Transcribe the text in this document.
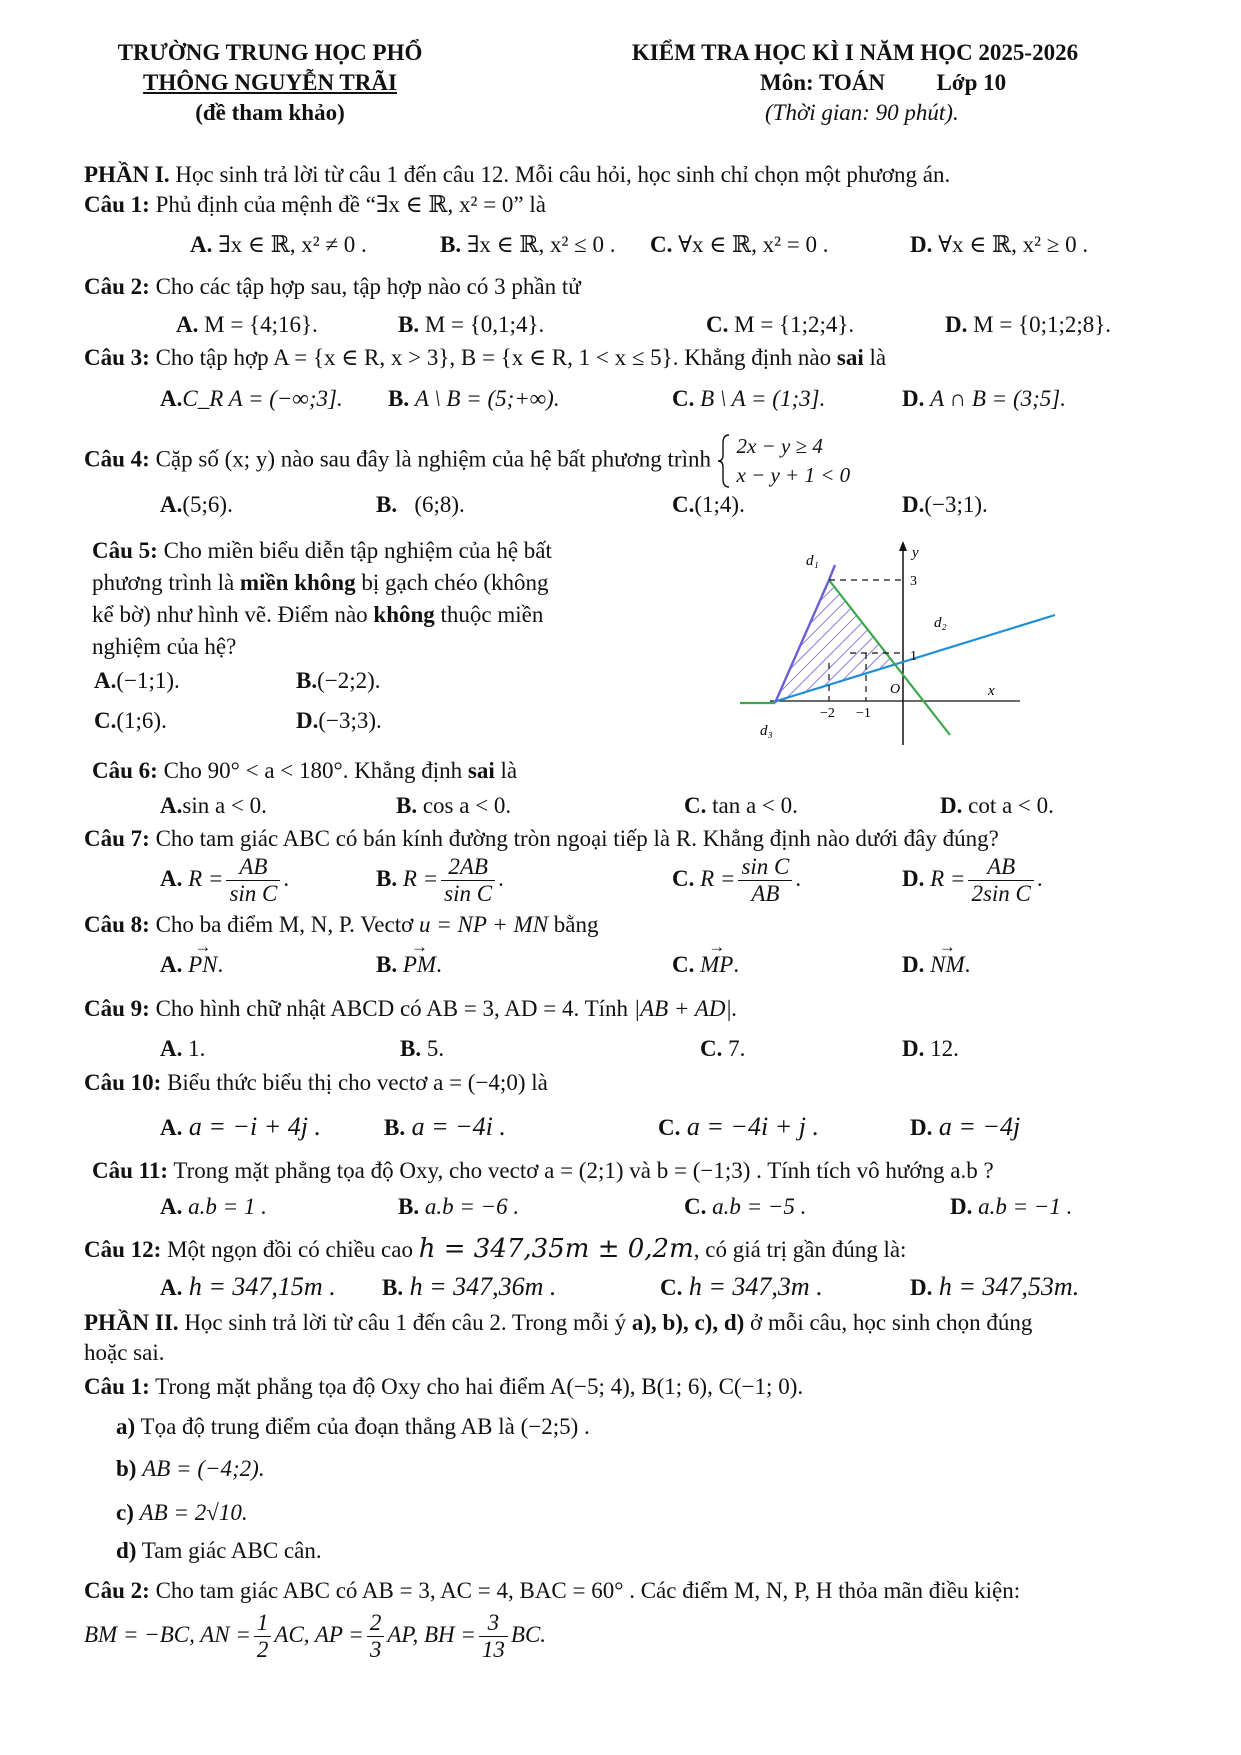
TRƯỜNG TRUNG HỌC PHỔ
THÔNG NGUYỄN TRÃI
(đề tham khảo)
KIỂM TRA HỌC KÌ I NĂM HỌC 2025-2026
Môn: TOÁN Lớp 10
(Thời gian: 90 phút).
PHẦN I. Học sinh trả lời từ câu 1 đến câu 12. Mỗi câu hỏi, học sinh chỉ chọn một phương án.
Câu 1: Phủ định của mệnh đề “∃x ∈ ℝ, x² = 0” là
A. ∃x ∈ ℝ, x² ≠ 0 .	B. ∃x ∈ ℝ, x² ≤ 0 . C. ∀x ∈ ℝ, x² = 0 .	D. ∀x ∈ ℝ, x² ≥ 0 .
Câu 2: Cho các tập hợp sau, tập hợp nào có 3 phần tử
A. M = {4;16}.	B. M = {0,1;4}.	C. M = {1;2;4}.	D. M = {0;1;2;8}.
Câu 3: Cho tập hợp A = {x ∈ R, x > 3}, B = {x ∈ R, 1 < x ≤ 5}. Khẳng định nào sai là
A.C_R A = (−∞;3]. B. A \ B = (5;+∞).	C. B \ A = (1;3].	D. A ∩ B = (3;5].
Câu 4: Cặp số (x; y) nào sau đây là nghiệm của hệ bất phương trình
2x − y ≥ 4
x − y + 1 < 0
A.(5;6).	B. (6;8).	C.(1;4).	D.(−3;1).
Câu 5: Cho miền biểu diễn tập nghiệm của hệ bất
phương trình là miền không bị gạch chéo (không
kể bờ) như hình vẽ. Điểm nào không thuộc miền
nghiệm của hệ?
A.(−1;1).	B.(−2;2).
C.(1;6).	D.(−3;3).
d₁	y
3
d₂
1
O	x
−2 −1
d₃
Câu 6: Cho 90° < a < 180°. Khẳng định sai là
A.sin a < 0.	B. cos a < 0.	C. tan a < 0.	D. cot a < 0.
Câu 7: Cho tam giác ABC có bán kính đường tròn ngoại tiếp là R. Khẳng định nào dưới đây đúng?
A. $R = \frac{AB}{\text{sin C}}$ .	B. $R = \frac{2AB}{\text{sin C}}$ .	C. $R = \frac{\text{sin C}}{AB}$ .	D. $R = \frac{AB}{\text{2sin C}}$ .
Câu 8: Cho ba điểm M, N, P. Vectơ u = NP + MN bằng
A. → PN.	B. → PM.	C. → MP.	D. → NM.
Câu 9: Cho hình chữ nhật ABCD có AB = 3, AD = 4. Tính |AB + AD|.
A. 1.	B. 5.	C. 7.	D. 12.
Câu 10: Biểu thức biểu thị cho vectơ a = (−4;0) là
A. a = −i + 4j .	B. a = −4i .	C. a = −4i + j .	D. a = −4j
Câu 11: Trong mặt phẳng tọa độ Oxy, cho vectơ a = (2;1) và b = (−1;3) . Tính tích vô hướng a.b ?
A. a.b = 1 .	B. a.b = −6 .	C. a.b = −5 .	D. a.b = −1 .
Câu 12: Một ngọn đồi có chiều cao h = 347,35m ± 0,2m, có giá trị gần đúng là:
A. h = 347,15m . B. h = 347,36m .	C. h = 347,3m .	D. h = 347,53m.
PHẦN II. Học sinh trả lời từ câu 1 đến câu 2. Trong mỗi ý a), b), c), d) ở mỗi câu, học sinh chọn đúng
hoặc sai.
Câu 1: Trong mặt phẳng tọa độ Oxy cho hai điểm A(−5; 4), B(1; 6), C(−1; 0).
a) Tọa độ trung điểm của đoạn thẳng AB là (−2;5) .
b) AB = (−4;2).
c) AB = 2√10.
d) Tam giác ABC cân.
Câu 2: Cho tam giác ABC có AB = 3, AC = 4, BAC = 60° . Các điểm M, N, P, H thỏa mãn điều kiện:
BM = −BC, AN = $\frac{1}{2}$ AC, AP = $\frac{2}{3}$ AP, BH = $\frac{3}{13}$ BC.
